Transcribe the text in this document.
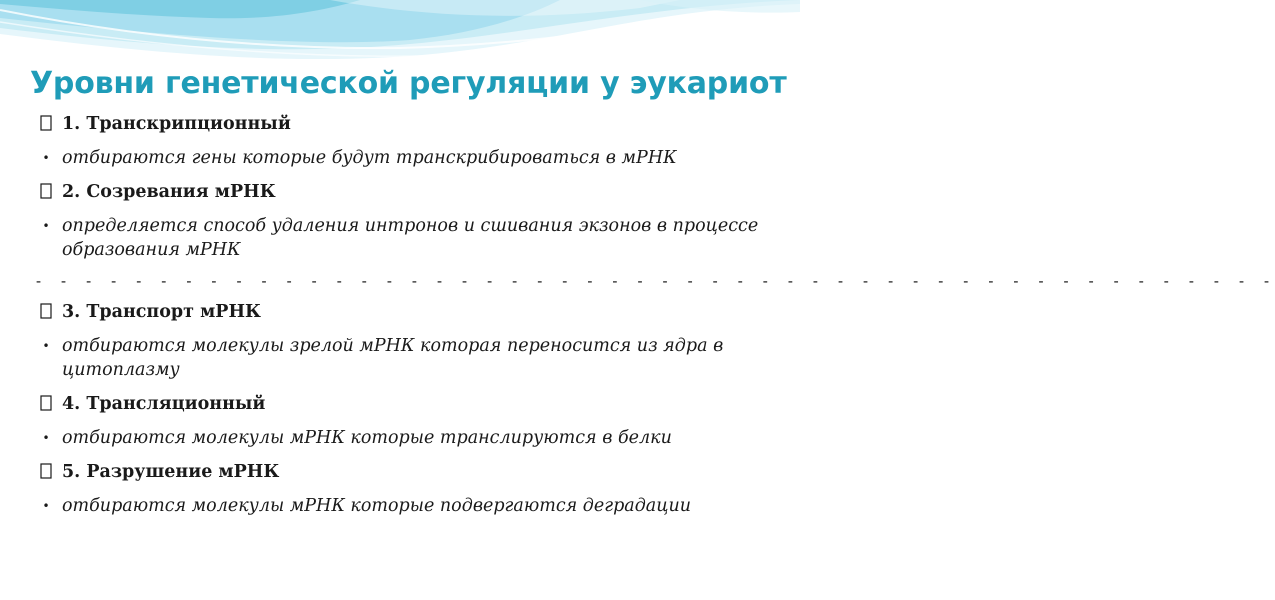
Уровни генетической регуляции у эукариот
1. Транскрипционный
• отбираются гены которые будут транскрибироваться в мРНК
2. Созревания мРНК
• определяется способ удаления интронов и сшивания экзонов в процессе образования мРНК
- - - - - - - - - - - - - - - - - - - - - - - - - - - - - - - - - - - - - - - - - - - - - - - - - -
3. Транспорт мРНК
• отбираются молекулы зрелой мРНК которая переносится из ядра в цитоплазму
4. Трансляционный
• отбираются молекулы мРНК которые транслируются в белки
5. Разрушение мРНК
• отбираются молекулы мРНК которые подвергаются деградации
